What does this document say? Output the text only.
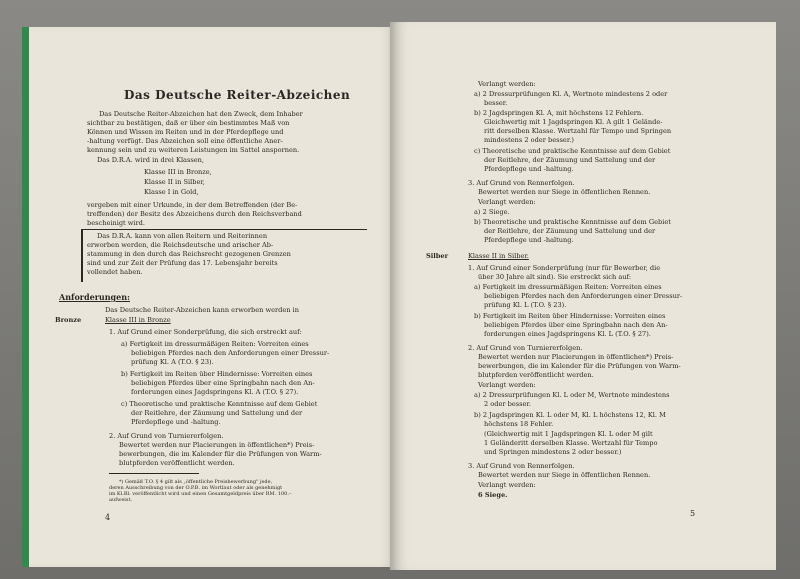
Das Deutsche Reiter-Abzeichen
Das Deutsche Reiter-Abzeichen hat den Zweck, dem Inhaber
sichtbar zu bestätigen, daß er über ein bestimmtes Maß von
Können und Wissen im Reiten und in der Pferdepflege und
-haltung verfügt. Das Abzeichen soll eine öffentliche Aner-
kennung sein und zu weiteren Leistungen im Sattel anspornen.
Das D.R.A. wird in drei Klassen,
Klasse III in Bronze,
Klasse II in Silber,
Klasse I in Gold,
vergeben mit einer Urkunde, in der dem Betreffenden (der Be-
treffenden) der Besitz des Abzeichens durch den Reichsverband
bescheinigt wird.
Das D.R.A. kann von allen Reitern und Reiterinnen
erworben werden, die Reichsdeutsche und arischer Ab-
stammung in den durch das Reichsrecht gezogenen Grenzen
sind und zur Zeit der Prüfung das 17. Lebensjahr bereits
vollendet haben.
Anforderungen:
Das Deutsche Reiter-Abzeichen kann erworben werden in
Bronze	Klasse III in Bronze
1. Auf Grund einer Sonderprüfung, die sich erstreckt auf:
a) Fertigkeit im dressurmäßigen Reiten: Vorreiten eines
beliebigen Pferdes nach den Anforderungen einer Dressur-
prüfung Kl. A (T.O. § 23).
b) Fertigkeit im Reiten über Hindernisse: Vorreiten eines
beliebigen Pferdes über eine Springbahn nach den An-
forderungen eines Jagdspringens Kl. A (T.O. § 27).
c) Theoretische und praktische Kenntnisse auf dem Gebiet
der Reitlehre, der Zäumung und Sattelung und der
Pferdepflege und -haltung.
2. Auf Grund von Turniererfolgen.
Bewertet werden nur Placierungen in öffentlichen*) Preis-
bewerbungen, die im Kalender für die Prüfungen von Warm-
blutpferden veröffentlicht werden.
*) Gemäß T.O. § 4 gilt als „öffentliche Preisbewerbung" jede,
deren Ausschreibung von der O.P.B. im Wortlaut oder als genehmigt
im Kl.Bl. veröffentlicht wird und einen Gesamtgeldpreis über RM. 100.–
aufweist.
4
Verlangt werden:
a) 2 Dressurprüfungen Kl. A, Wertnote mindestens 2 oder
besser.
b) 2 Jagdspringen Kl. A, mit höchstens 12 Fehlern.
Gleichwertig mit 1 Jagdspringen Kl. A gilt 1 Gelände-
ritt derselben Klasse. Wertzahl für Tempo und Springen
mindestens 2 oder besser.)
c) Theoretische und praktische Kenntnisse auf dem Gebiet
der Reitlehre, der Zäumung und Sattelung und der
Pferdepflege und -haltung.
3. Auf Grund von Rennerfolgen.
Bewertet werden nur Siege in öffentlichen Rennen.
Verlangt werden:
a) 2 Siege.
b) Theoretische und praktische Kenntnisse auf dem Gebiet
der Reitlehre, der Zäumung und Sattelung und der
Pferdepflege und -haltung.
Silber	Klasse II in Silber.
1. Auf Grund einer Sonderprüfung (nur für Bewerber, die
über 30 Jahre alt sind). Sie erstreckt sich auf:
a) Fertigkeit im dressurmäßigen Reiten: Vorreiten eines
beliebigen Pferdes nach den Anforderungen einer Dressur-
prüfung Kl. L (T.O. § 23).
b) Fertigkeit im Reiten über Hindernisse: Vorreiten eines
beliebigen Pferdes über eine Springbahn nach den An-
forderungen eines Jagdspringens Kl. L (T.O. § 27).
2. Auf Grund von Turniererfolgen.
Bewertet werden nur Placierungen in öffentlichen*) Preis-
bewerbungen, die im Kalender für die Prüfungen von Warm-
blutpferden veröffentlicht werden.
Verlangt werden:
a) 2 Dressurprüfungen Kl. L oder M, Wertnote mindestens
2 oder besser.
b) 2 Jagdspringen Kl. L oder M, Kl. L höchstens 12, Kl. M
höchstens 18 Fehler.
(Gleichwertig mit 1 Jagdspringen Kl. L oder M gilt
1 Geländeritt derselben Klasse. Wertzahl für Tempo
und Springen mindestens 2 oder besser.)
3. Auf Grund von Rennerfolgen.
Bewertet werden nur Siege in öffentlichen Rennen.
Verlangt werden:
6 Siege.
5
